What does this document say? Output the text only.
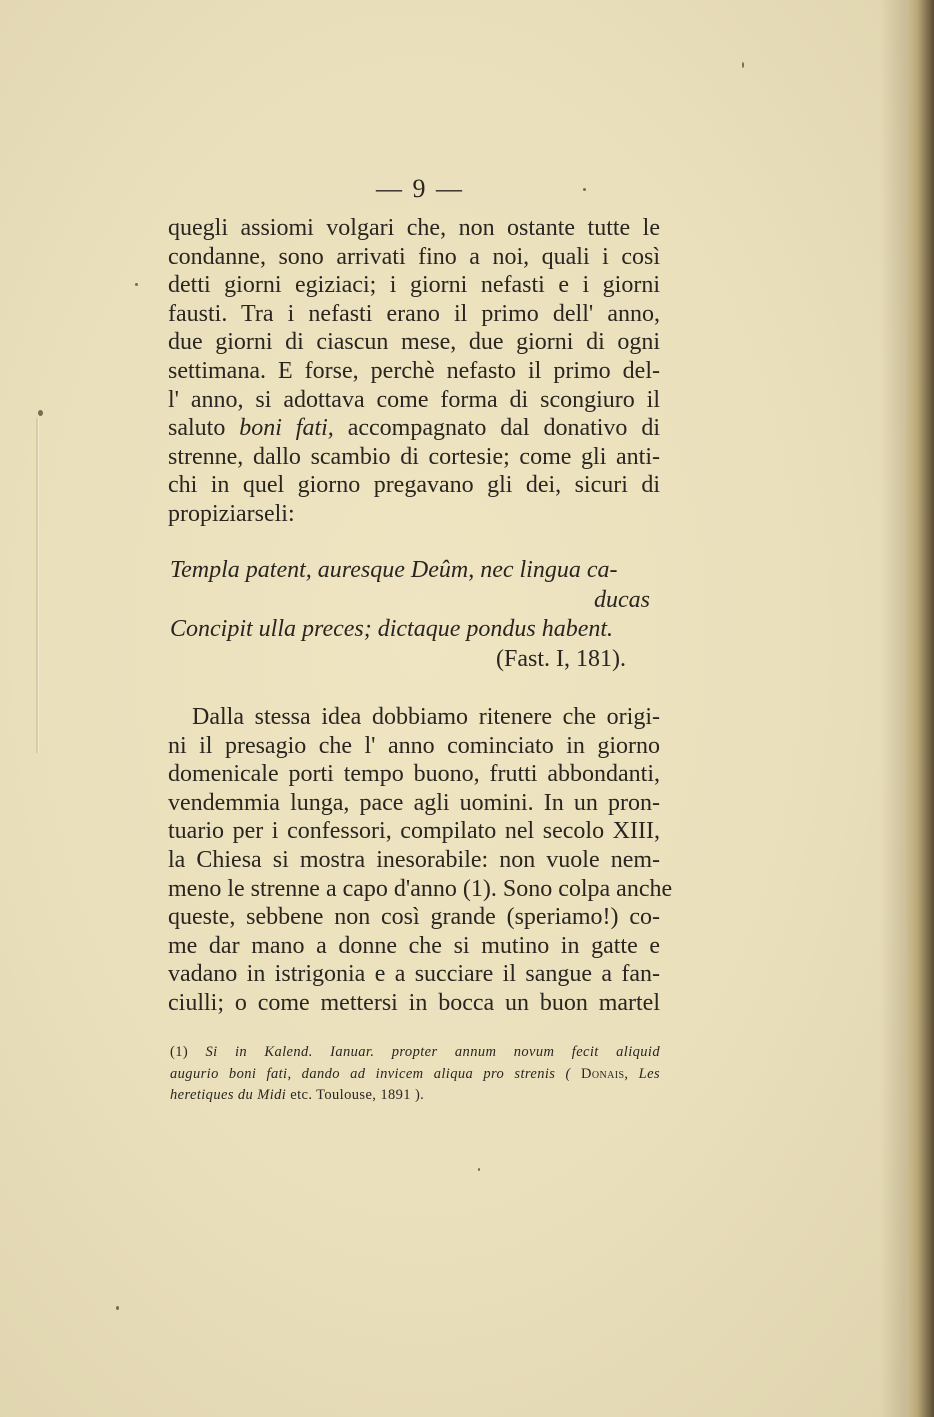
— 9 —
quegli assiomi volgari che, non ostante tutte le
condanne, sono arrivati fino a noi, quali i così
detti giorni egiziaci; i giorni nefasti e i giorni
fausti. Tra i nefasti erano il primo dell' anno,
due giorni di ciascun mese, due giorni di ogni
settimana. E forse, perchè nefasto il primo del-
l' anno, si adottava come forma di scongiuro il
saluto boni fati, accompagnato dal donativo di
strenne, dallo scambio di cortesie; come gli anti-
chi in quel giorno pregavano gli dei, sicuri di
propiziarseli:
Templa patent, auresque Deûm, nec lingua ca-
ducas
Concipit ulla preces; dictaque pondus habent.
(Fast. I, 181).
Dalla stessa idea dobbiamo ritenere che origi-
ni il presagio che l' anno cominciato in giorno
domenicale porti tempo buono, frutti abbondanti,
vendemmia lunga, pace agli uomini. In un pron-
tuario per i confessori, compilato nel secolo XIII,
la Chiesa si mostra inesorabile: non vuole nem-
meno le strenne a capo d'anno (1). Sono colpa anche
queste, sebbene non così grande (speriamo!) co-
me dar mano a donne che si mutino in gatte e
vadano in istrigonia e a succiare il sangue a fan-
ciulli; o come mettersi in bocca un buon martel
(1) Si in Kalend. Ianuar. propter annum novum fecit aliquid
augurio boni fati, dando ad invicem aliqua pro strenis ( Donais, Les
heretiques du Midi etc. Toulouse, 1891 ).
